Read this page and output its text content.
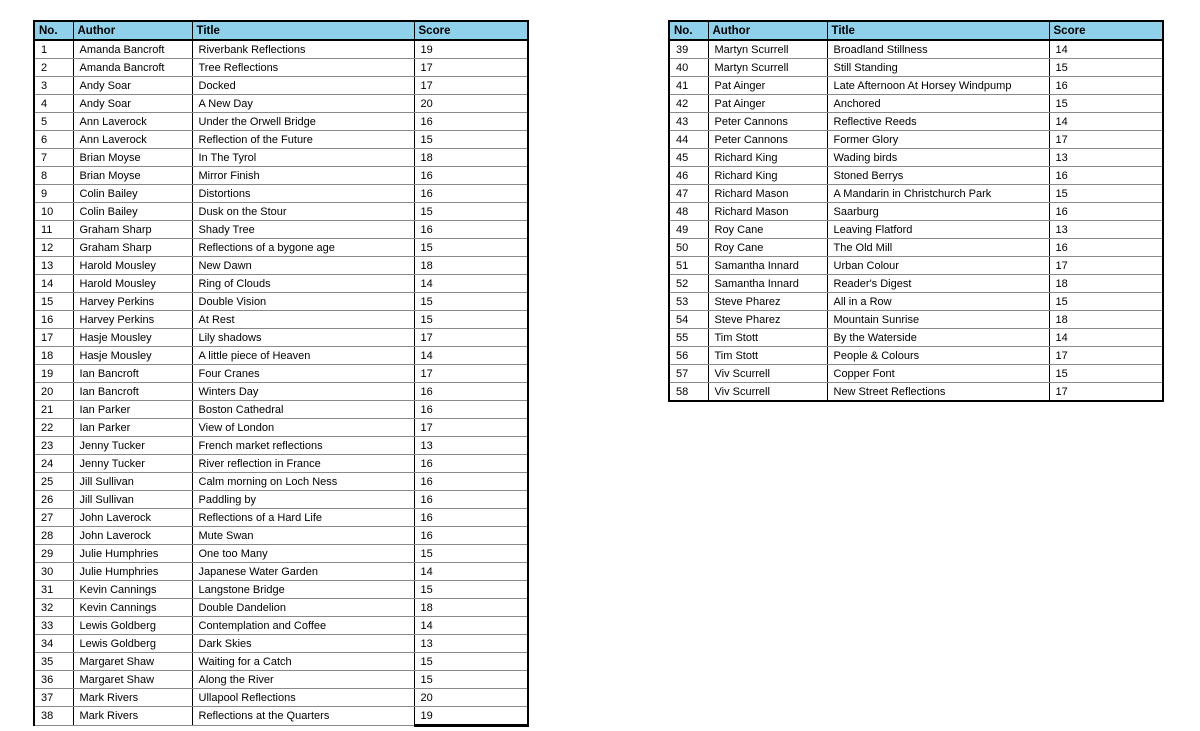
No.	Author	Title	Score
1	Amanda Bancroft	Riverbank Reflections	19
2	Amanda Bancroft	Tree Reflections	17
3	Andy Soar	Docked	17
4	Andy Soar	A New Day	20
5	Ann Laverock	Under the Orwell Bridge	16
6	Ann Laverock	Reflection of the Future	15
7	Brian Moyse	In The Tyrol	18
8	Brian Moyse	Mirror Finish	16
9	Colin Bailey	Distortions	16
10	Colin Bailey	Dusk on the Stour	15
11	Graham Sharp	Shady Tree	16
12	Graham Sharp	Reflections of a bygone age	15
13	Harold Mousley	New Dawn	18
14	Harold Mousley	Ring of Clouds	14
15	Harvey Perkins	Double Vision	15
16	Harvey Perkins	At Rest	15
17	Hasje Mousley	Lily shadows	17
18	Hasje Mousley	A little piece of Heaven	14
19	Ian Bancroft	Four Cranes	17
20	Ian Bancroft	Winters Day	16
21	Ian Parker	Boston Cathedral	16
22	Ian Parker	View of London	17
23	Jenny Tucker	French market reflections	13
24	Jenny Tucker	River reflection in France	16
25	Jill Sullivan	Calm morning on Loch Ness	16
26	Jill Sullivan	Paddling by	16
27	John Laverock	Reflections of a Hard Life	16
28	John Laverock	Mute Swan	16
29	Julie Humphries	One too Many	15
30	Julie Humphries	Japanese Water Garden	14
31	Kevin Cannings	Langstone Bridge	15
32	Kevin Cannings	Double Dandelion	18
33	Lewis Goldberg	Contemplation and Coffee	14
34	Lewis Goldberg	Dark Skies	13
35	Margaret Shaw	Waiting for a Catch	15
36	Margaret Shaw	Along the River	15
37	Mark Rivers	Ullapool Reflections	20
38	Mark Rivers	Reflections at the Quarters	19
No.	Author	Title	Score
39	Martyn Scurrell	Broadland Stillness	14
40	Martyn Scurrell	Still Standing	15
41	Pat Ainger	Late Afternoon At Horsey Windpump	16
42	Pat Ainger	Anchored	15
43	Peter Cannons	Reflective Reeds	14
44	Peter Cannons	Former Glory	17
45	Richard King	Wading birds	13
46	Richard King	Stoned Berrys	16
47	Richard Mason	A Mandarin in Christchurch Park	15
48	Richard Mason	Saarburg	16
49	Roy Cane	Leaving Flatford	13
50	Roy Cane	The Old Mill	16
51	Samantha Innard	Urban Colour	17
52	Samantha Innard	Reader's Digest	18
53	Steve Pharez	All in a Row	15
54	Steve Pharez	Mountain Sunrise	18
55	Tim Stott	By the Waterside	14
56	Tim Stott	People & Colours	17
57	Viv Scurrell	Copper Font	15
58	Viv Scurrell	New Street Reflections	17
